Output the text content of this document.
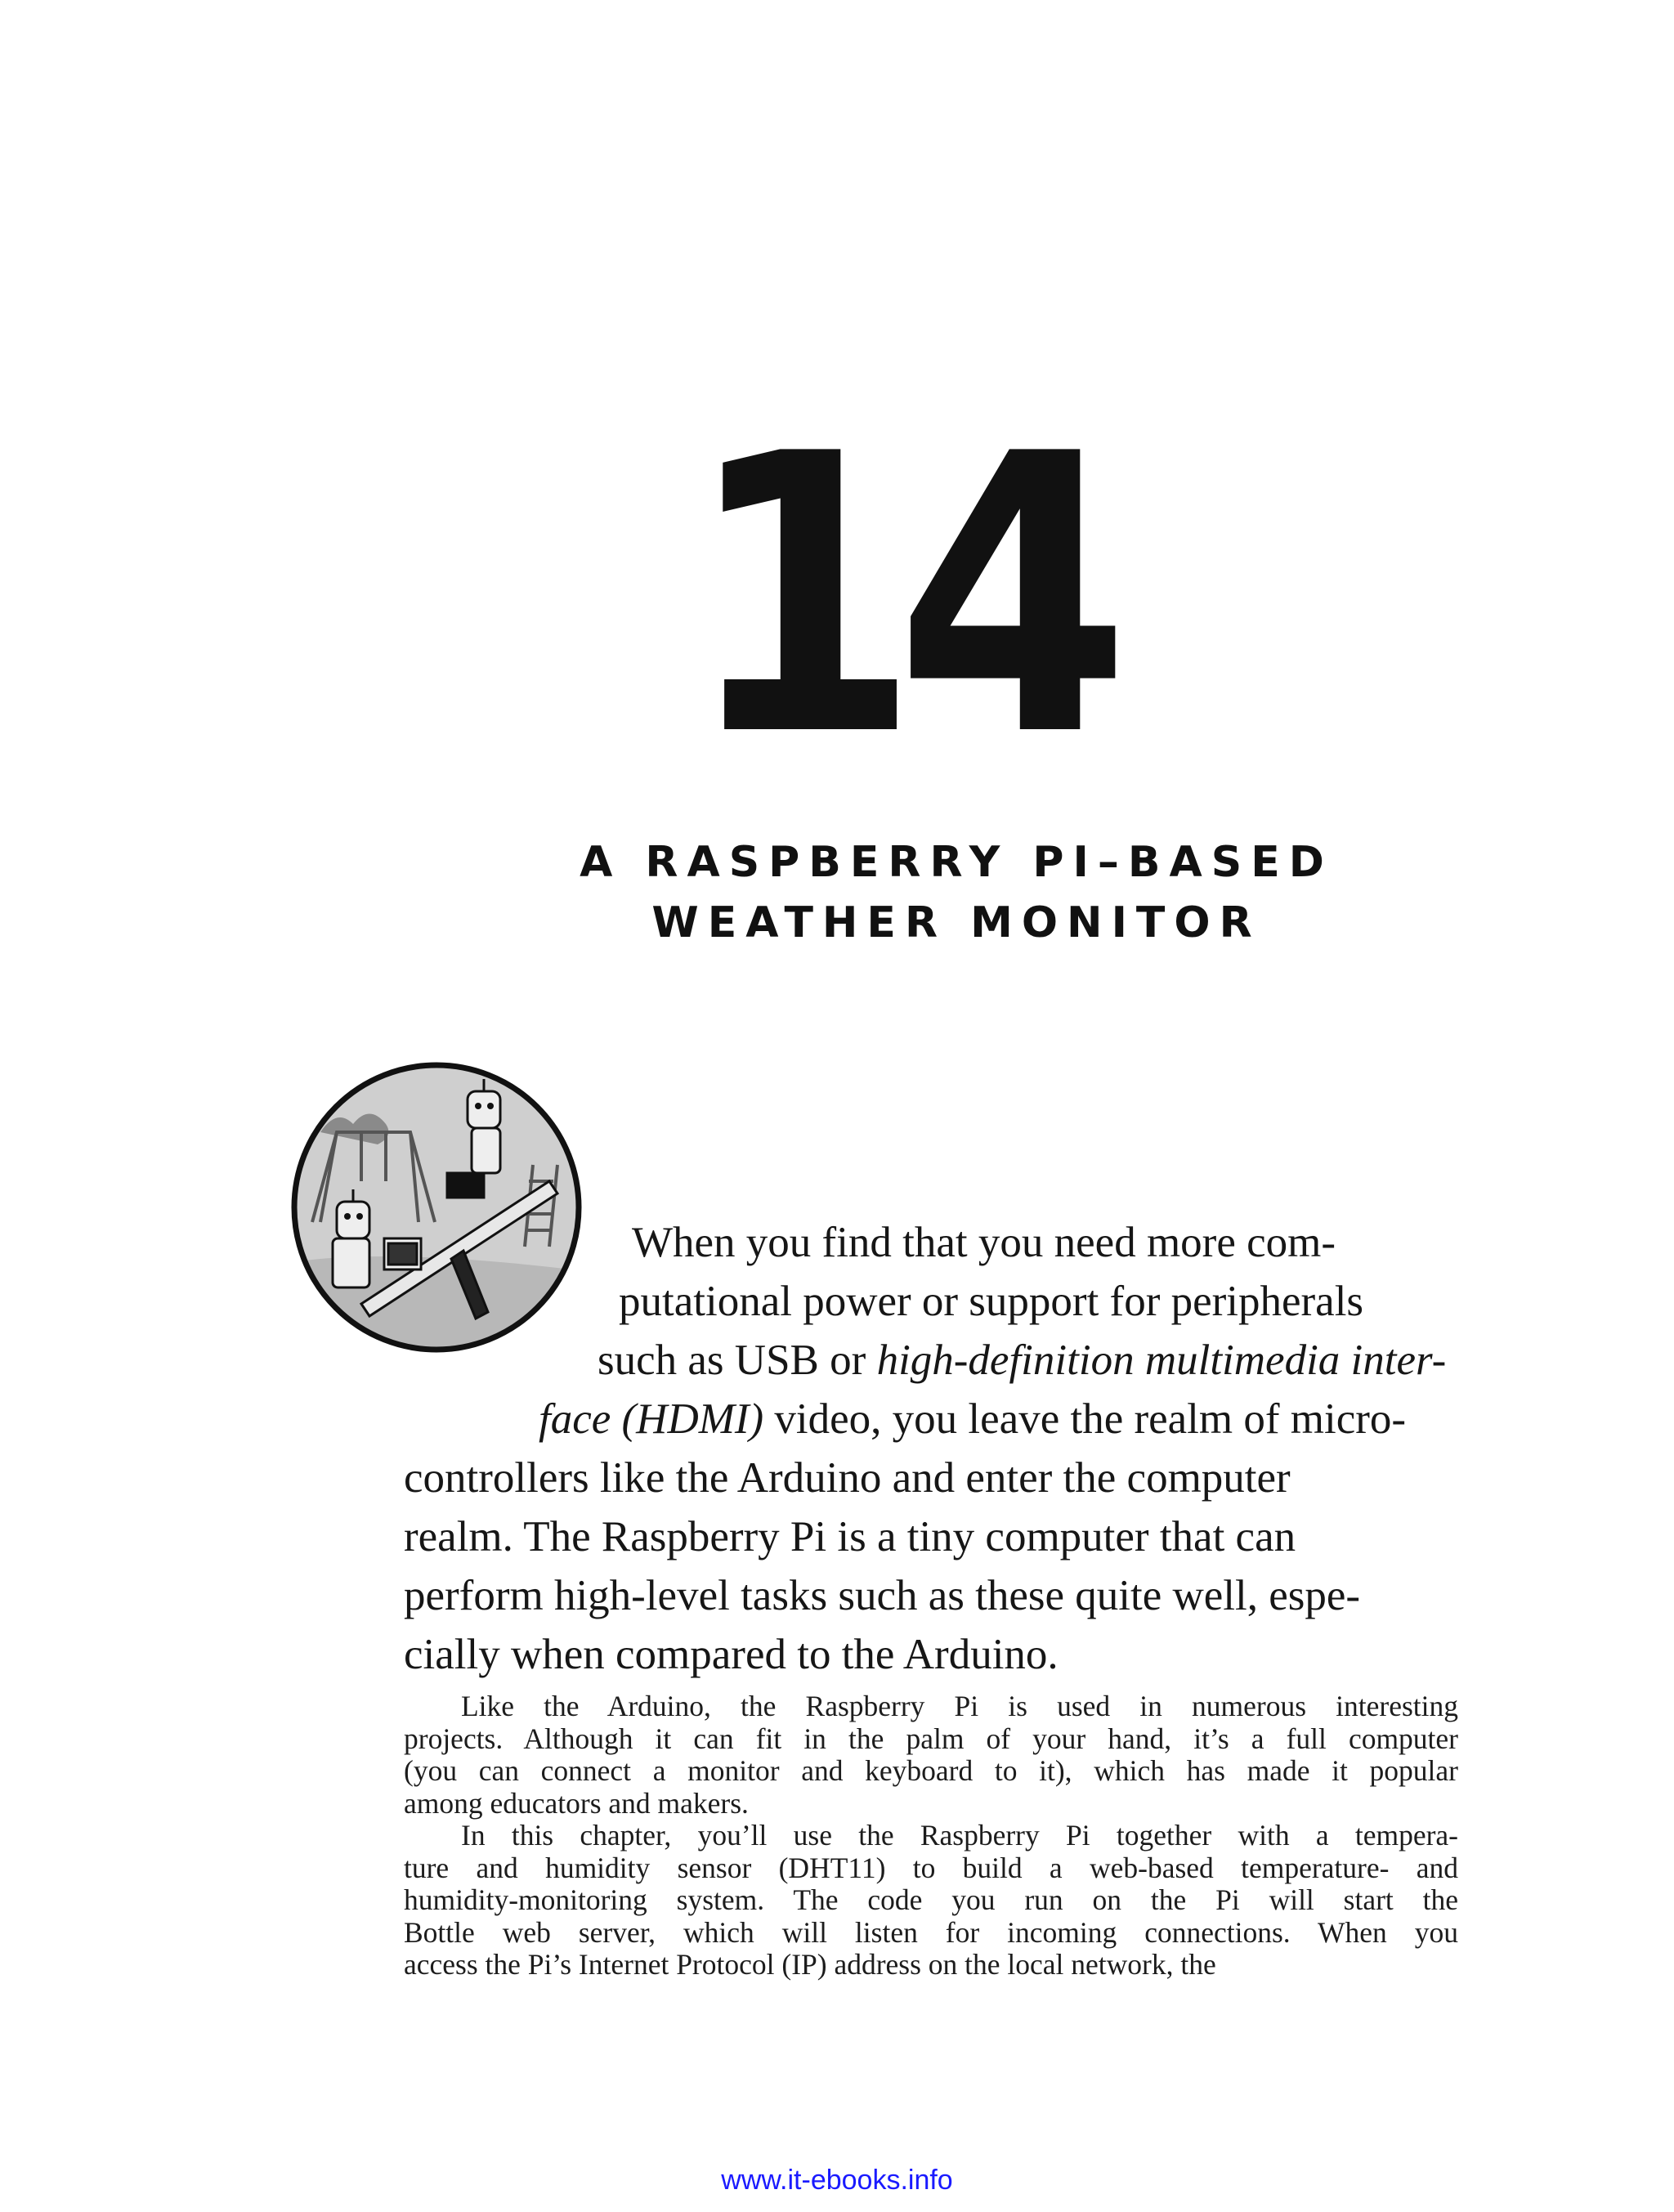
14
A RASPBERRY PI–BASED
WEATHER MONITOR

When you find that you need more com-

putational power or support for peripherals

such as USB or high-definition multimedia inter-

face (HDMI) video, you leave the realm of micro-

controllers like the Arduino and enter the computer

realm. The Raspberry Pi is a tiny computer that can

perform high-level tasks such as these quite well, espe-

cially when compared to the Arduino.

Like the Arduino, the Raspberry Pi is used in numerous interesting
projects. Although it can fit in the palm of your hand, it’s a full computer
(you can connect a monitor and keyboard to it), which has made it popular
among educators and makers.
In this chapter, you’ll use the Raspberry Pi together with a tempera-
ture and humidity sensor (DHT11) to build a web-based temperature- and
humidity-monitoring system. The code you run on the Pi will start the
Bottle web server, which will listen for incoming connections. When you
access the Pi’s Internet Protocol (IP) address on the local network, the
www.it-ebooks.info
